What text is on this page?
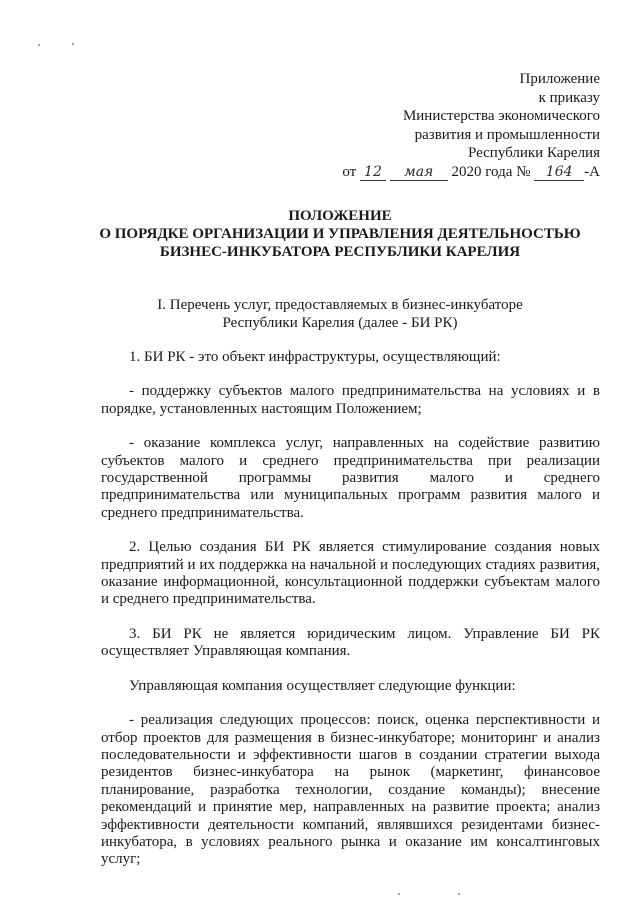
Приложение
к приказу
Министерства экономического
развития и промышленности
Республики Карелия
от 12 мая 2020 года № 164 -А
ПОЛОЖЕНИЕ
О ПОРЯДКЕ ОРГАНИЗАЦИИ И УПРАВЛЕНИЯ ДЕЯТЕЛЬНОСТЬЮ
БИЗНЕС-ИНКУБАТОРА РЕСПУБЛИКИ КАРЕЛИЯ
I. Перечень услуг, предоставляемых в бизнес-инкубаторе
Республики Карелия (далее - БИ РК)

1. БИ РК - это объект инфраструктуры, осуществляющий:

- поддержку субъектов малого предпринимательства на условиях и в порядке, установленных настоящим Положением;

- оказание комплекса услуг, направленных на содействие развитию субъектов малого и среднего предпринимательства при реализации государственной программы развития малого и среднего предпринимательства или муниципальных программ развития малого и среднего предпринимательства.

2. Целью создания БИ РК является стимулирование создания новых предприятий и их поддержка на начальной и последующих стадиях развития, оказание информационной, консультационной поддержки субъектам малого и среднего предпринимательства.

3. БИ РК не является юридическим лицом. Управление БИ РК осуществляет Управляющая компания.

Управляющая компания осуществляет следующие функции:

- реализация следующих процессов: поиск, оценка перспективности и отбор проектов для размещения в бизнес-инкубаторе; мониторинг и анализ последовательности и эффективности шагов в создании стратегии выхода резидентов бизнес-инкубатора на рынок (маркетинг, финансовое планирование, разработка технологии, создание команды); внесение рекомендаций и принятие мер, направленных на развитие проекта; анализ эффективности деятельности компаний, являвшихся резидентами бизнес-инкубатора, в условиях реального рынка и оказание им консалтинговых услуг;
